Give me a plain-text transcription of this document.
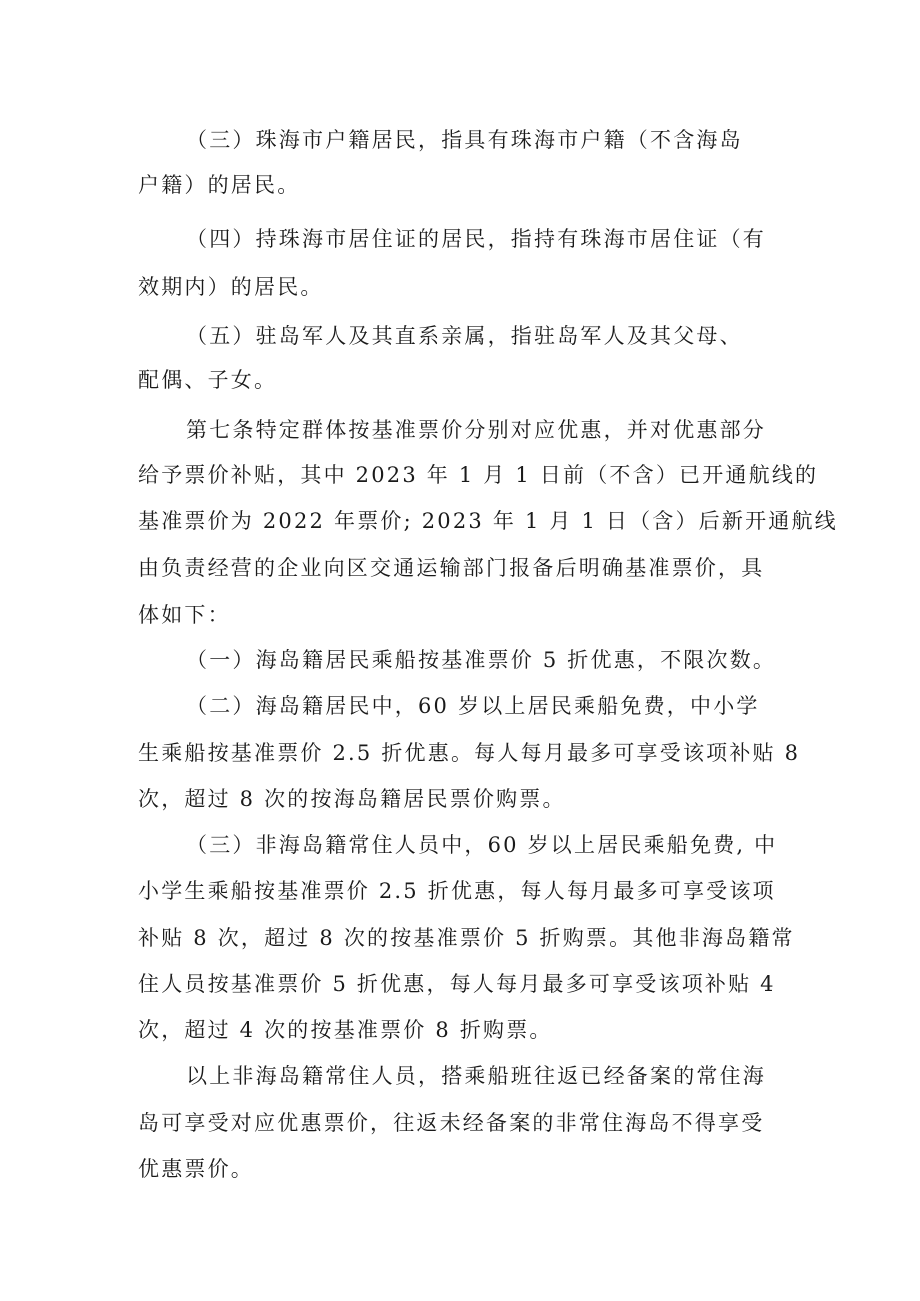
（三）珠海市户籍居民，指具有珠海市户籍（不含海岛
户籍）的居民。
（四）持珠海市居住证的居民，指持有珠海市居住证（有
效期内）的居民。
（五）驻岛军人及其直系亲属，指驻岛军人及其父母、
配偶、子女。
第七条特定群体按基准票价分别对应优惠，并对优惠部分
给予票价补贴，其中 2023 年 1 月 1 日前（不含）已开通航线的
基准票价为 2022 年票价; 2023 年 1 月 1 日（含）后新开通航线
由负责经营的企业向区交通运输部门报备后明确基准票价，具
体如下：
（一）海岛籍居民乘船按基准票价 5 折优惠，不限次数。
（二）海岛籍居民中，60 岁以上居民乘船免费，中小学
生乘船按基准票价 2.5 折优惠。每人每月最多可享受该项补贴 8
次，超过 8 次的按海岛籍居民票价购票。
（三）非海岛籍常住人员中，60 岁以上居民乘船免费, 中
小学生乘船按基准票价 2.5 折优惠，每人每月最多可享受该项
补贴 8 次，超过 8 次的按基准票价 5 折购票。其他非海岛籍常
住人员按基准票价 5 折优惠，每人每月最多可享受该项补贴 4
次，超过 4 次的按基准票价 8 折购票。
以上非海岛籍常住人员，搭乘船班往返已经备案的常住海
岛可享受对应优惠票价，往返未经备案的非常住海岛不得享受
优惠票价。
